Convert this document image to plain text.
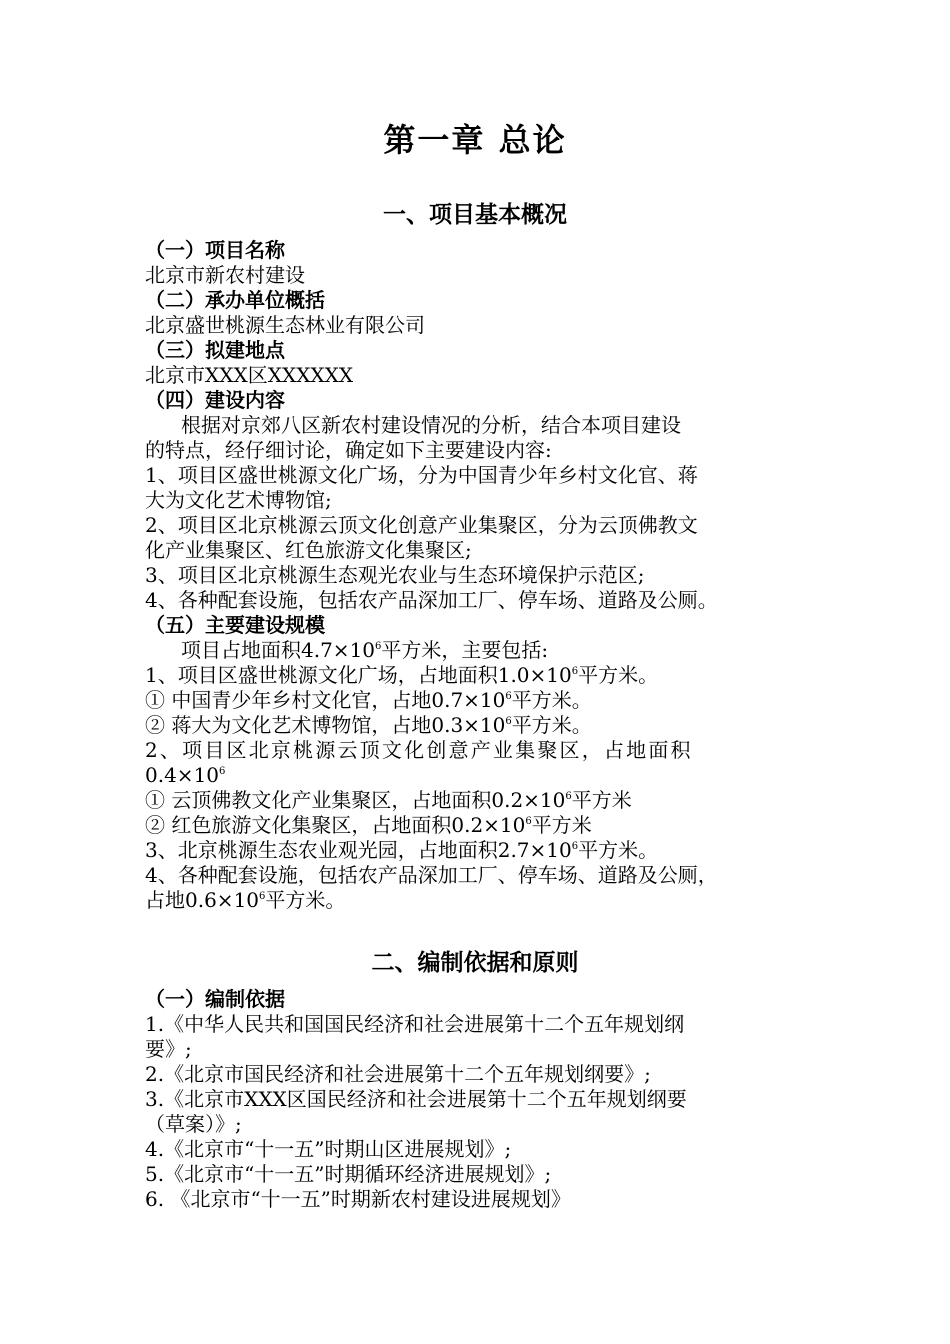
第一章 总论
一、项目基本概况

（一）项目名称

北京市新农村建设

（二）承办单位概括

北京盛世桃源生态林业有限公司

（三）拟建地点

北京市XXX区XXXXXX

（四）建设内容

根据对京郊八区新农村建设情况的分析，结合本项目建设

的特点，经仔细讨论，确定如下主要建设内容:

1、项目区盛世桃源文化广场，分为中国青少年乡村文化官、蒋

大为文化艺术博物馆;

2、项目区北京桃源云顶文化创意产业集聚区，分为云顶佛教文

化产业集聚区、红色旅游文化集聚区;

3、项目区北京桃源生态观光农业与生态环境保护示范区;

4、各种配套设施，包括农产品深加工厂、停车场、道路及公厕。

（五）主要建设规模

项目占地面积$4.7\times 10^6$平方米，主要包括:

1、项目区盛世桃源文化广场，占地面积$1.0\times 10^6$平方米。

① 中国青少年乡村文化官，占地$0.7\times 10^6$平方米。

② 蒋大为文化艺术博物馆，占地$0.3\times 10^6$平方米。

2、项目区北京桃源云顶文化创意产业集聚区，占地面积

$0.4\times 10^6$

① 云顶佛教文化产业集聚区，占地面积$0.2\times 10^6$平方米

② 红色旅游文化集聚区，占地面积$0.2\times 10^6$平方米

3、北京桃源生态农业观光园，占地面积$2.7\times 10^6$平方米。

4、各种配套设施，包括农产品深加工厂、停车场、道路及公厕，

占地$0.6\times 10^6$平方米。

二、编制依据和原则

（一）编制依据

1.《中华人民共和国国民经济和社会进展第十二个五年规划纲

要》;

2.《北京市国民经济和社会进展第十二个五年规划纲要》;

3.《北京市XXX区国民经济和社会进展第十二个五年规划纲要

（草案）》;

4.《北京市“十一五”时期山区进展规划》;

5.《北京市“十一五”时期循环经济进展规划》;

6. 《北京市“十一五”时期新农村建设进展规划》
